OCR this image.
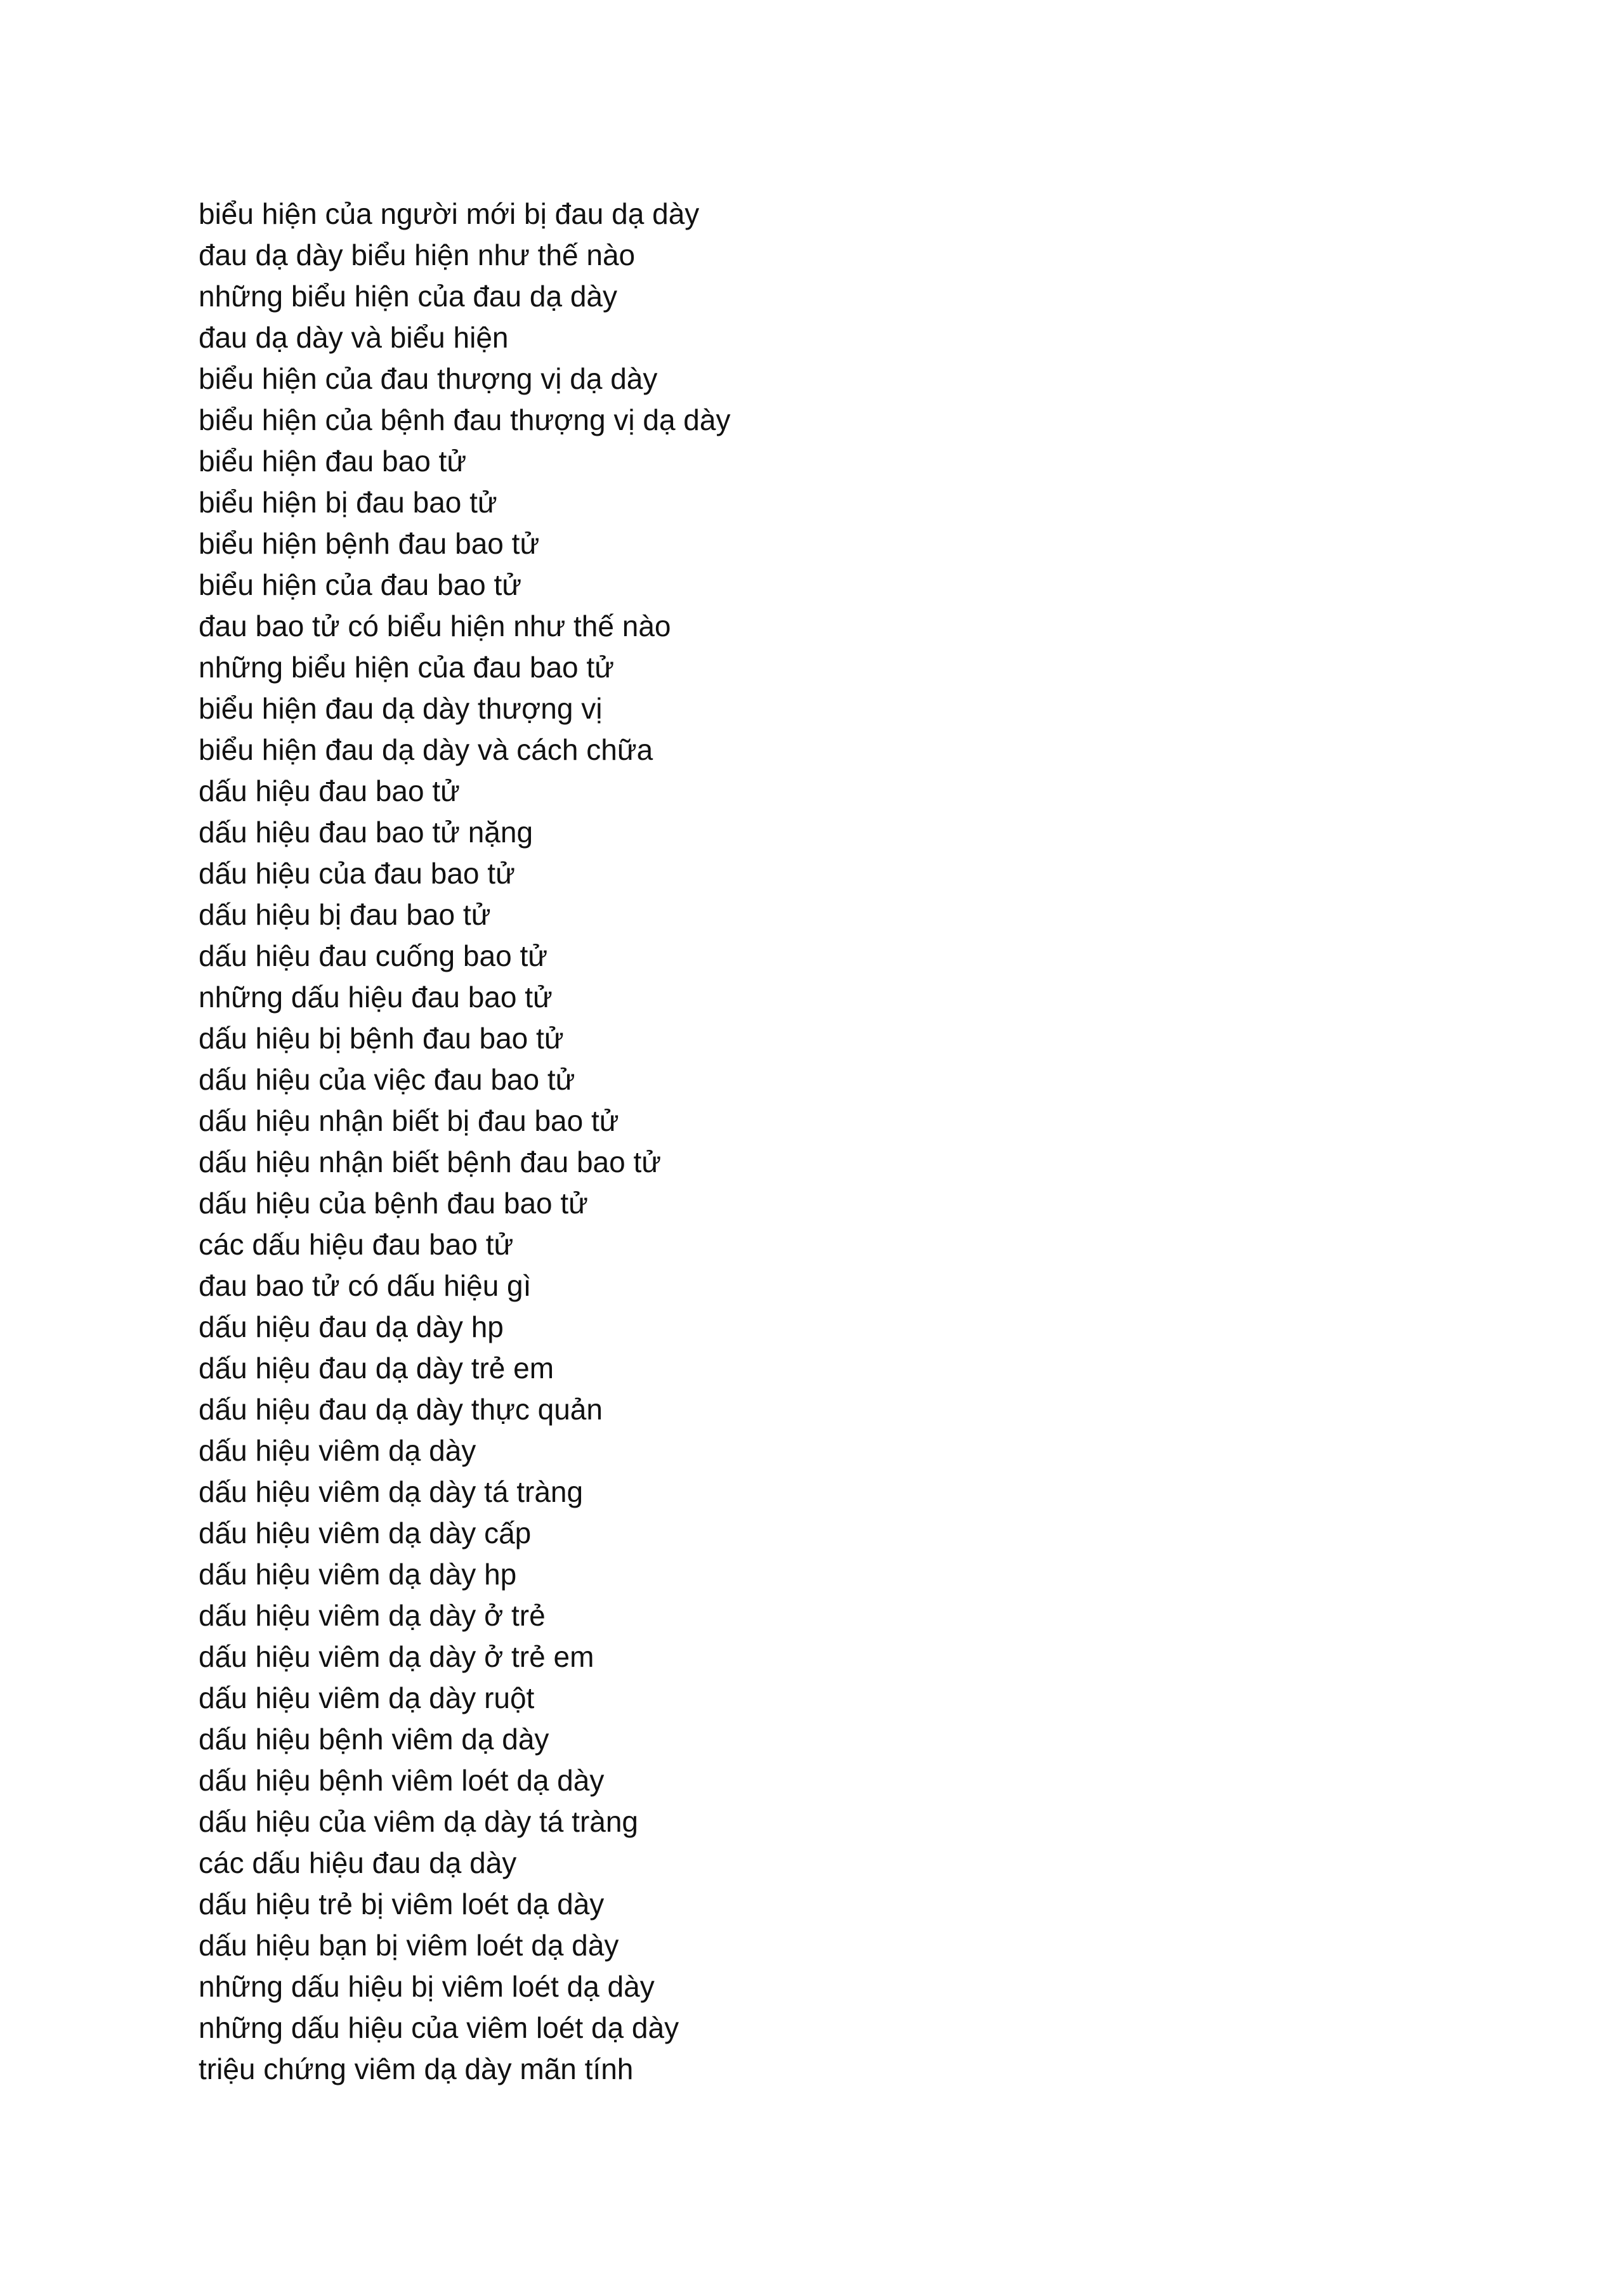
biểu hiện của người mới bị đau dạ dày
đau dạ dày biểu hiện như thế nào
những biểu hiện của đau dạ dày
đau dạ dày và biểu hiện
biểu hiện của đau thượng vị dạ dày
biểu hiện của bệnh đau thượng vị dạ dày
biểu hiện đau bao tử
biểu hiện bị đau bao tử
biểu hiện bệnh đau bao tử
biểu hiện của đau bao tử
đau bao tử có biểu hiện như thế nào
những biểu hiện của đau bao tử
biểu hiện đau dạ dày thượng vị
biểu hiện đau dạ dày và cách chữa
dấu hiệu đau bao tử
dấu hiệu đau bao tử nặng
dấu hiệu của đau bao tử
dấu hiệu bị đau bao tử
dấu hiệu đau cuống bao tử
những dấu hiệu đau bao tử
dấu hiệu bị bệnh đau bao tử
dấu hiệu của việc đau bao tử
dấu hiệu nhận biết bị đau bao tử
dấu hiệu nhận biết bệnh đau bao tử
dấu hiệu của bệnh đau bao tử
các dấu hiệu đau bao tử
đau bao tử có dấu hiệu gì
dấu hiệu đau dạ dày hp
dấu hiệu đau dạ dày trẻ em
dấu hiệu đau dạ dày thực quản
dấu hiệu viêm dạ dày
dấu hiệu viêm dạ dày tá tràng
dấu hiệu viêm dạ dày cấp
dấu hiệu viêm dạ dày hp
dấu hiệu viêm dạ dày ở trẻ
dấu hiệu viêm dạ dày ở trẻ em
dấu hiệu viêm dạ dày ruột
dấu hiệu bệnh viêm dạ dày
dấu hiệu bệnh viêm loét dạ dày
dấu hiệu của viêm dạ dày tá tràng
các dấu hiệu đau dạ dày
dấu hiệu trẻ bị viêm loét dạ dày
dấu hiệu bạn bị viêm loét dạ dày
những dấu hiệu bị viêm loét dạ dày
những dấu hiệu của viêm loét dạ dày
triệu chứng viêm dạ dày mãn tính
